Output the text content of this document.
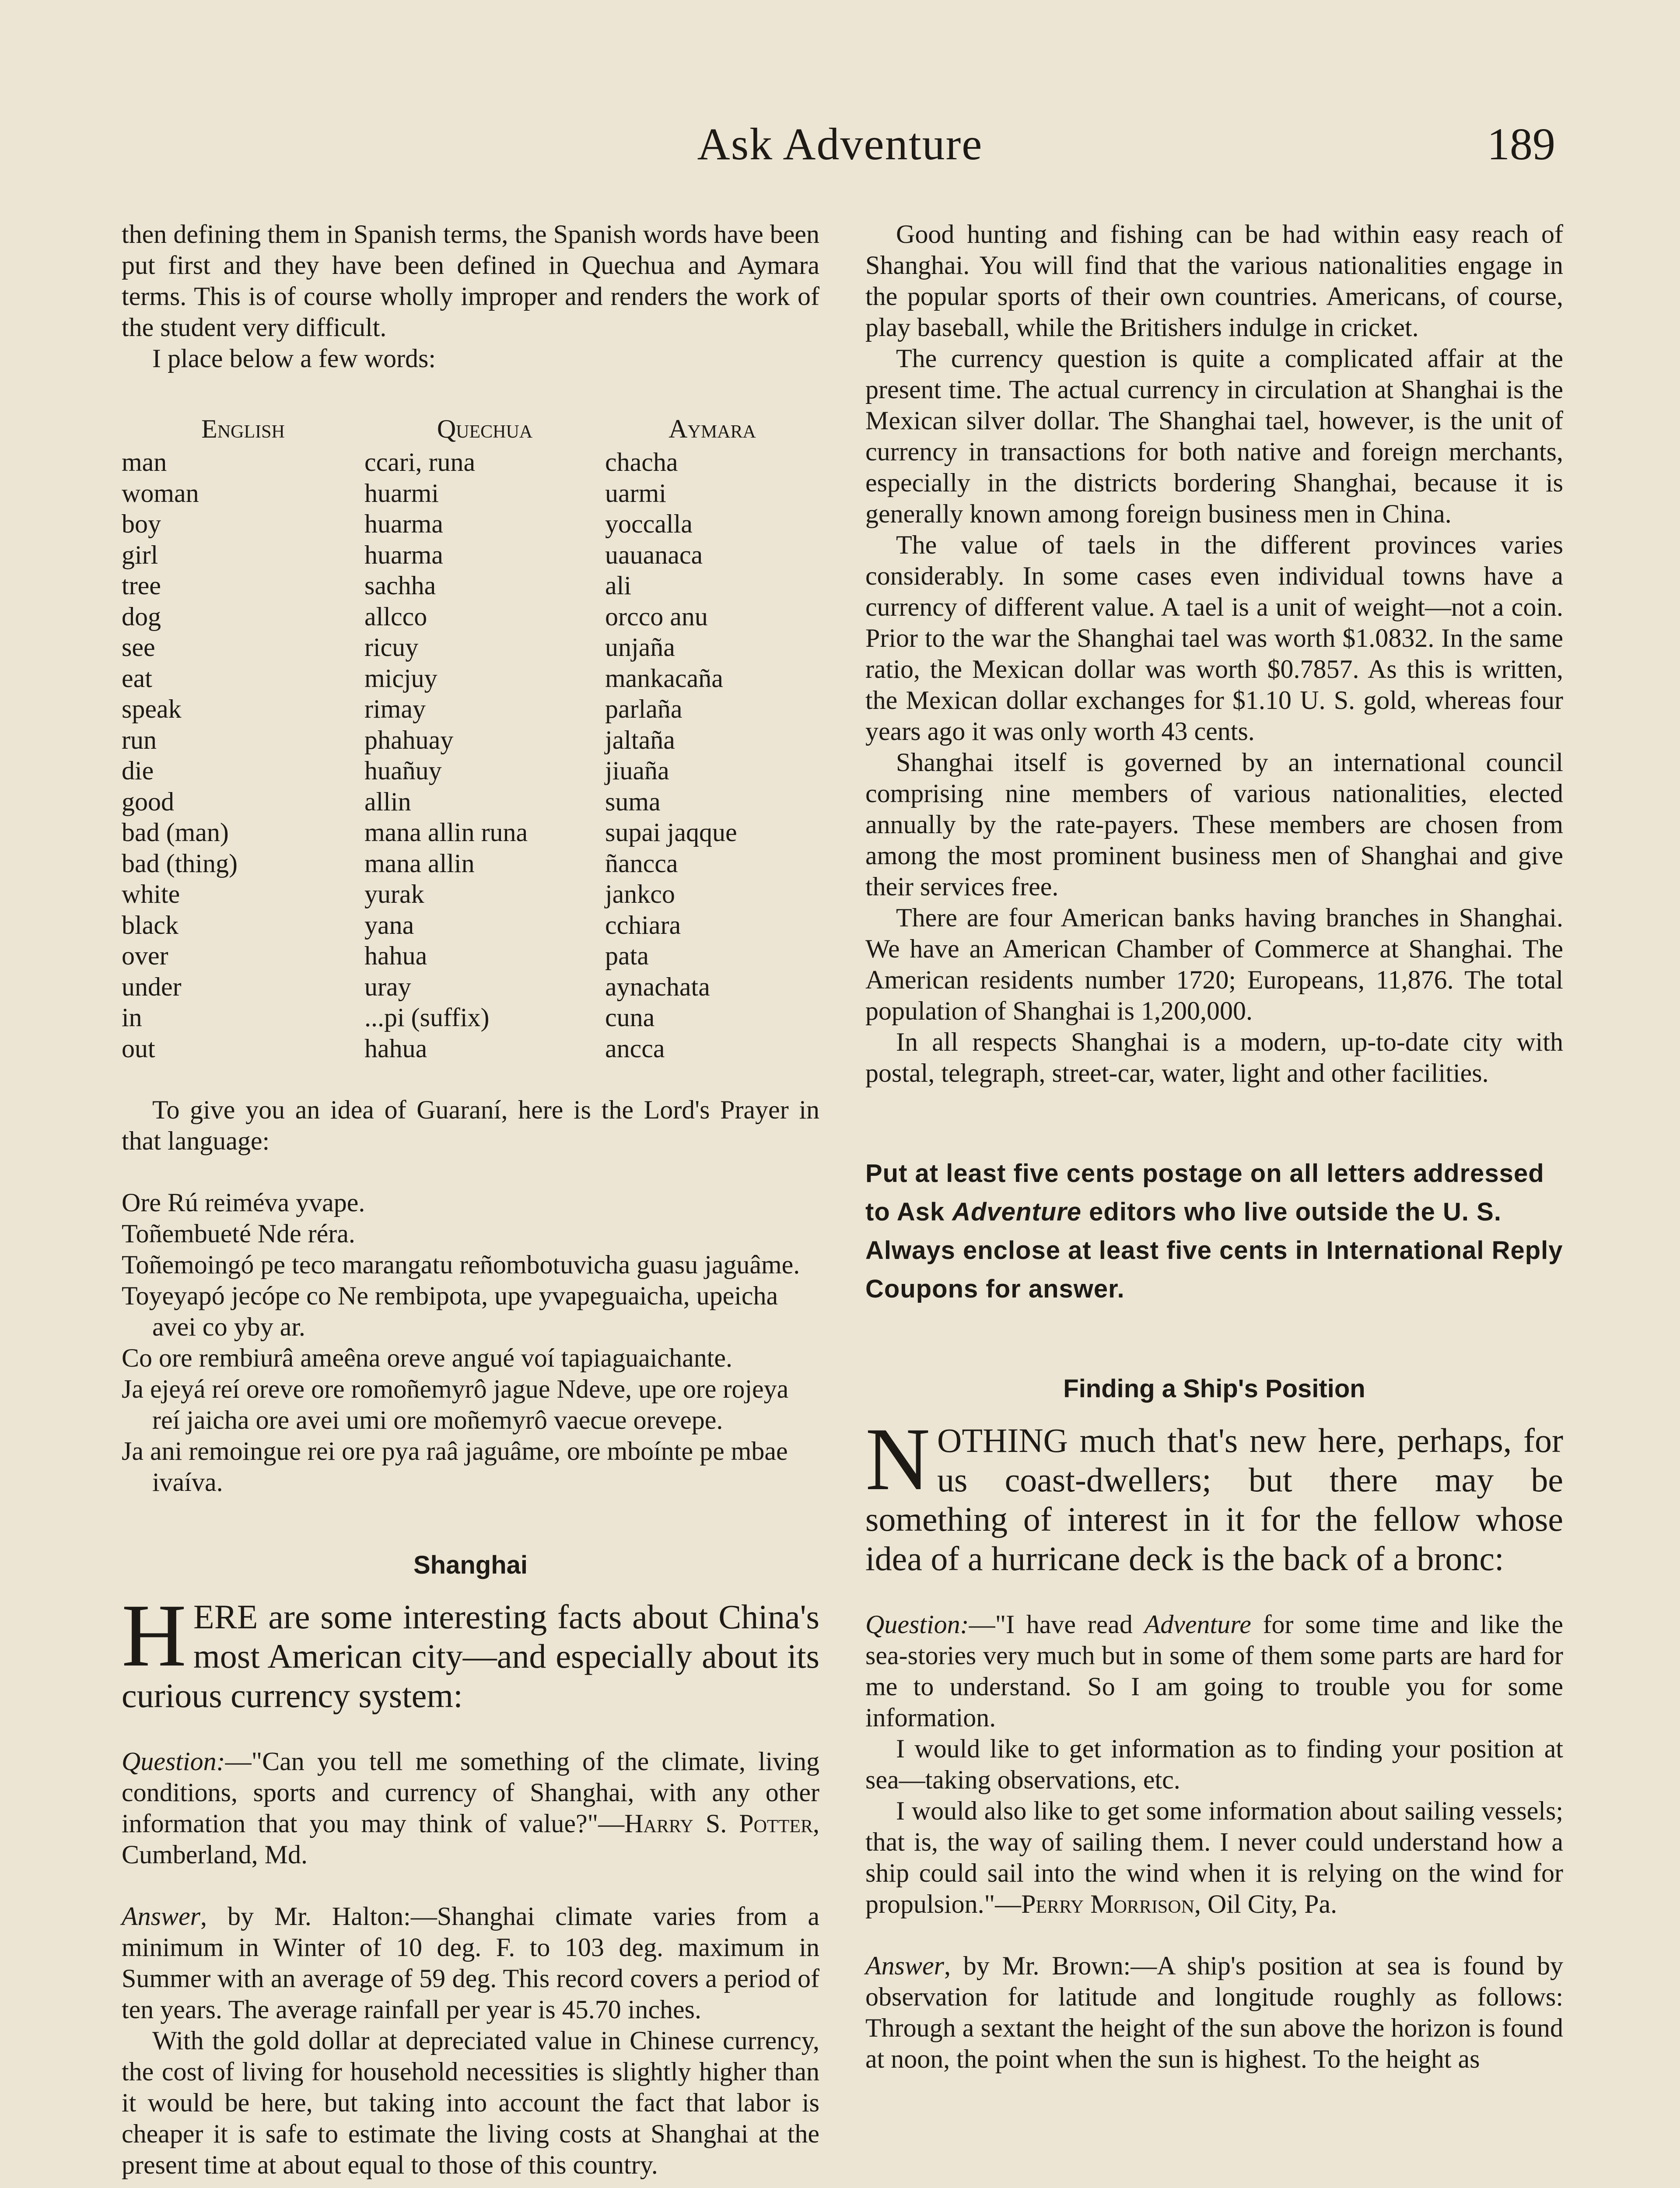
Ask Adventure	189

then defining them in Spanish terms, the Spanish words have been put first and they have been defined in Quechua and Aymara terms. This is of course wholly improper and renders the work of the student very difficult.

I place below a few words:

English	Quechua	Aymara
man	ccari, runa	chacha
woman	huarmi	uarmi
boy	huarma	yoccalla
girl	huarma	uauanaca
tree	sachha	ali
dog	allcco	orcco anu
see	ricuy	unjaña
eat	micjuy	mankacaña
speak	rimay	parlaña
run	phahuay	jaltaña
die	huañuy	jiuaña
good	allin	suma
bad (man)	mana allin runa	supai jaqque
bad (thing)	mana allin	ñancca
white	yurak	jankco
black	yana	cchiara
over	hahua	pata
under	uray	aynachata
in	...pi (suffix)	cuna
out	hahua	ancca

To give you an idea of Guaraní, here is the Lord's Prayer in that language:

Ore Rú reiméva yvape.

Toñembueté Nde réra.

Toñemoingó pe teco marangatu reñombotuvicha guasu jaguâme.

Toyeyapó jecópe co Ne rembipota, upe yvapeguaicha, upeicha avei co yby ar.

Co ore rembiurâ ameêna oreve angué voí tapiaguaichante.

Ja ejeyá reí oreve ore romoñemyrô jague Ndeve, upe ore rojeya reí jaicha ore avei umi ore moñemyrô vaecue orevepe.

Ja ani remoingue rei ore pya raâ jaguâme, ore mboínte pe mbae ivaíva.

Shanghai

HERE are some interesting facts about China's most American city—and especially about its curious currency system:

Question:—"Can you tell me something of the climate, living conditions, sports and currency of Shanghai, with any other information that you may think of value?"—Harry S. Potter, Cumberland, Md.

Answer, by Mr. Halton:—Shanghai climate varies from a minimum in Winter of 10 deg. F. to 103 deg. maximum in Summer with an average of 59 deg. This record covers a period of ten years. The average rainfall per year is 45.70 inches.

With the gold dollar at depreciated value in Chinese currency, the cost of living for household necessities is slightly higher than it would be here, but taking into account the fact that labor is cheaper it is safe to estimate the living costs at Shanghai at the present time at about equal to those of this country.

Good hunting and fishing can be had within easy reach of Shanghai. You will find that the various nationalities engage in the popular sports of their own countries. Americans, of course, play baseball, while the Britishers indulge in cricket.

The currency question is quite a complicated affair at the present time. The actual currency in circulation at Shanghai is the Mexican silver dollar. The Shanghai tael, however, is the unit of currency in transactions for both native and foreign merchants, especially in the districts bordering Shanghai, because it is generally known among foreign business men in China.

The value of taels in the different provinces varies considerably. In some cases even individual towns have a currency of different value. A tael is a unit of weight—not a coin. Prior to the war the Shanghai tael was worth $1.0832. In the same ratio, the Mexican dollar was worth $0.7857. As this is written, the Mexican dollar exchanges for $1.10 U. S. gold, whereas four years ago it was only worth 43 cents.

Shanghai itself is governed by an international council comprising nine members of various nationalities, elected annually by the rate-payers. These members are chosen from among the most prominent business men of Shanghai and give their services free.

There are four American banks having branches in Shanghai. We have an American Chamber of Commerce at Shanghai. The American residents number 1720; Europeans, 11,876. The total population of Shanghai is 1,200,000.

In all respects Shanghai is a modern, up-to-date city with postal, telegraph, street-car, water, light and other facilities.

Put at least five cents postage on all letters addressed to Ask Adventure editors who live outside the U. S. Always enclose at least five cents in International Reply Coupons for answer.
Finding a Ship's Position

NOTHING much that's new here, perhaps, for us coast-dwellers; but there may be something of interest in it for the fellow whose idea of a hurricane deck is the back of a bronc:

Question:—"I have read Adventure for some time and like the sea-stories very much but in some of them some parts are hard for me to understand. So I am going to trouble you for some information.

I would like to get information as to finding your position at sea—taking observations, etc.

I would also like to get some information about sailing vessels; that is, the way of sailing them. I never could understand how a ship could sail into the wind when it is relying on the wind for propulsion."—Perry Morrison, Oil City, Pa.

Answer, by Mr. Brown:—A ship's position at sea is found by observation for latitude and longitude roughly as follows: Through a sextant the height of the sun above the horizon is found at noon, the point when the sun is highest. To the height as
